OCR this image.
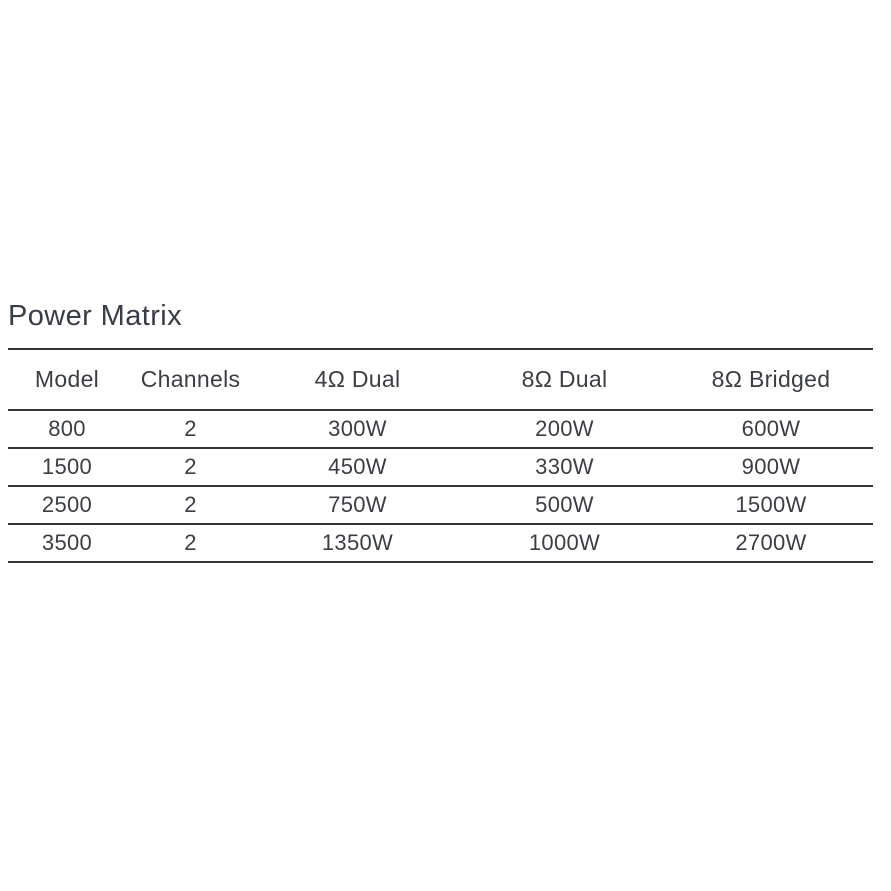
Power Matrix
Model	Channels	4Ω Dual	8Ω Dual	8Ω Bridged
800	2	300W	200W	600W
1500	2	450W	330W	900W
2500	2	750W	500W	1500W
3500	2	1350W	1000W	2700W
